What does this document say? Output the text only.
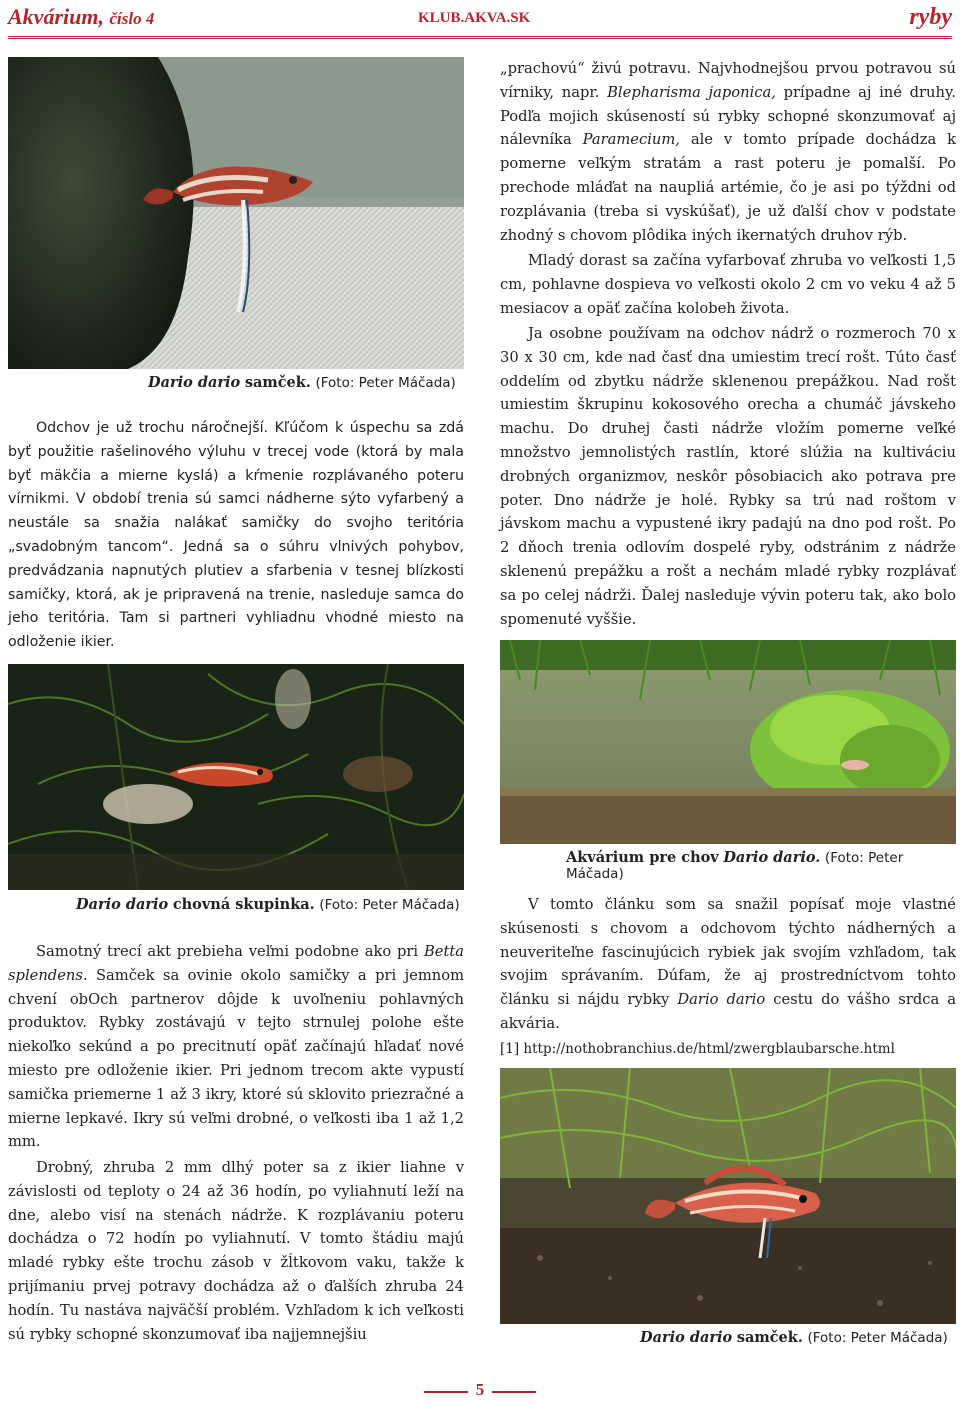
Akvárium, číslo 4	KLUB.AKVA.SK	ryby
Dario dario samček. (Foto: Peter Máčada)

Odchov je už trochu náročnejší. Kľúčom k úspechu sa zdá byť použitie rašelinového výluhu v trecej vode (ktorá by mala byť mäkčia a mierne kyslá) a kŕmenie rozplávaného poteru vírnikmi. V období trenia sú samci nádherne sýto vyfarbený a neustále sa snažia nalákať samičky do svojho teritória „svadobným tancom“. Jedná sa o súhru vlnivých pohybov, predvádzania napnutých plutiev a sfarbenia v tesnej blízkosti samičky, ktorá, ak je pripravená na trenie, nasleduje samca do jeho teritória. Tam si partneri vyhliadnu vhodné miesto na odloženie ikier.

Dario dario chovná skupinka. (Foto: Peter Máčada)

Samotný trecí akt prebieha veľmi podobne ako pri Betta splendens. Samček sa ovinie okolo samičky a pri jemnom chvení obOch partnerov dôjde k uvoľneniu pohlavných produktov. Rybky zostávajú v tejto strnulej polohe ešte niekoľko sekúnd a po precitnutí opäť začínajú hľadať nové miesto pre odloženie ikier. Pri jednom trecom akte vypustí samička priemerne 1 až 3 ikry, ktoré sú sklovito priezračné a mierne lepkavé. Ikry sú veľmi drobné, o veľkosti iba 1 až 1,2 mm.

Drobný, zhruba 2 mm dlhý poter sa z ikier liahne v závislosti od teploty o 24 až 36 hodín, po vyliahnutí leží na dne, alebo visí na stenách nádrže. K rozplávaniu poteru dochádza o 72 hodín po vyliahnutí. V tomto štádiu majú mladé rybky ešte trochu zásob v žĺtkovom vaku, takže k prijímaniu prvej potravy dochádza až o ďalších zhruba 24 hodín. Tu nastáva najväčší problém. Vzhľadom k ich veľkosti sú rybky schopné skonzumovať iba najjemnejšiu

„prachovú“ živú potravu. Najvhodnejšou prvou potravou sú vírniky, napr. Blepharisma japonica, prípadne aj iné druhy. Podľa mojich skúseností sú rybky schopné skonzumovať aj nálevníka Paramecium, ale v tomto prípade dochádza k pomerne veľkým stratám a rast poteru je pomalší. Po prechode mláďat na naupliá artémie, čo je asi po týždni od rozplávania (treba si vyskúšať), je už ďalší chov v podstate zhodný s chovom plôdika iných ikernatých druhov rýb.

Mladý dorast sa začína vyfarbovať zhruba vo veľkosti 1,5 cm, pohlavne dospieva vo veľkosti okolo 2 cm vo veku 4 až 5 mesiacov a opäť začína kolobeh života.

Ja osobne používam na odchov nádrž o rozmeroch 70 x 30 x 30 cm, kde nad časť dna umiestim trecí rošt. Túto časť oddelím od zbytku nádrže sklenenou prepážkou. Nad rošt umiestim škrupinu kokosového orecha a chumáč jávskeho machu. Do druhej časti nádrže vložím pomerne veľké množstvo jemnolistých rastlín, ktoré slúžia na kultiváciu drobných organizmov, neskôr pôsobiacich ako potrava pre poter. Dno nádrže je holé. Rybky sa trú nad roštom v jávskom machu a vypustené ikry padajú na dno pod rošt. Po 2 dňoch trenia odlovím dospelé ryby, odstránim z nádrže sklenenú prepážku a rošt a nechám mladé rybky rozplávať sa po celej nádrži. Ďalej nasleduje vývin poteru tak, ako bolo spomenuté vyššie.

Akvárium pre chov Dario dario. (Foto: Peter Máčada)

V tomto článku som sa snažil popísať moje vlastné skúsenosti s chovom a odchovom týchto nádherných a neuveriteľne fascinujúcich rybiek jak svojím vzhľadom, tak svojim správaním. Dúfam, že aj prostredníctvom tohto článku si nájdu rybky Dario dario cestu do vášho srdca a akvária.

[1] http://nothobranchius.de/html/zwergblaubarsche.html
Dario dario samček. (Foto: Peter Máčada)
5
